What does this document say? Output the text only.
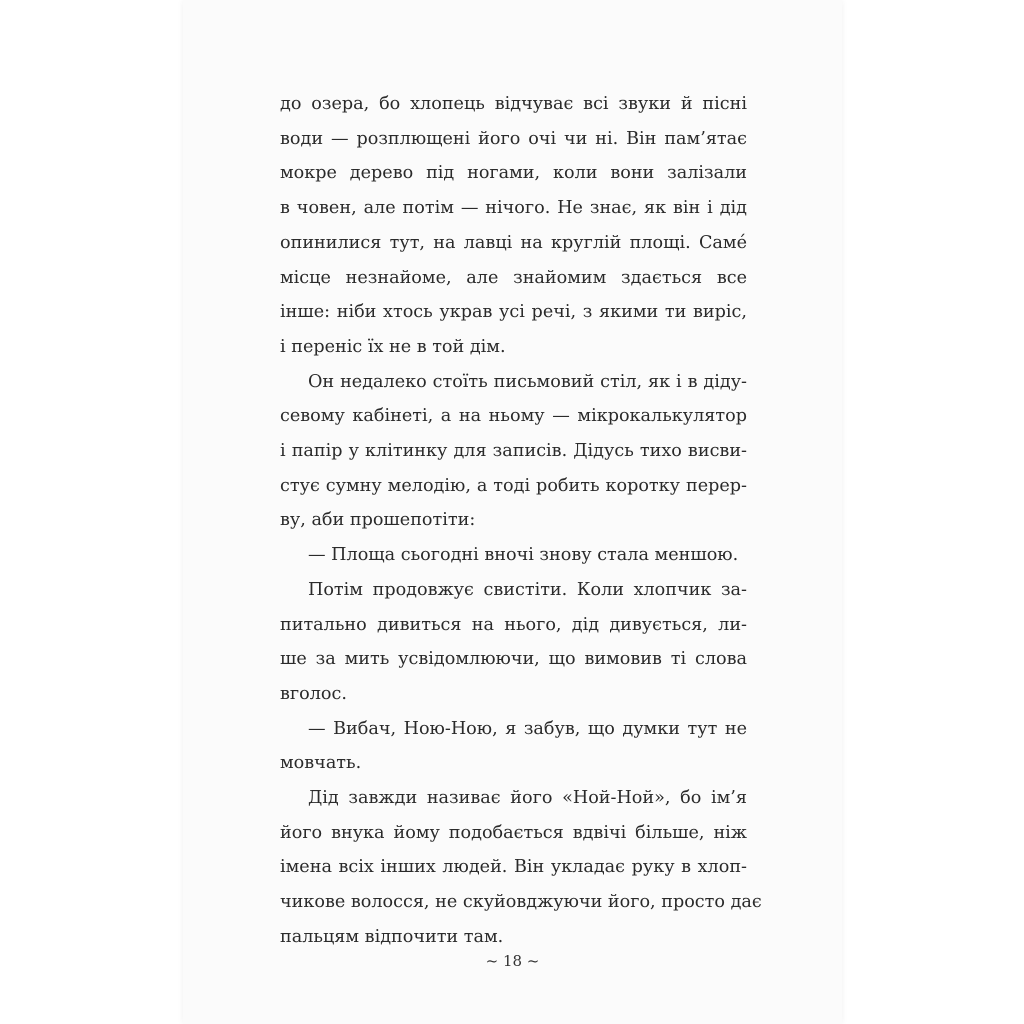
до озера, бо хлопець відчуває всі звуки й пісні
води — розплющені його очі чи ні. Він пам’ятає
мокре дерево під ногами, коли вони залізали
в човен, але потім — нічого. Не знає, як він і дід
опинилися тут, на лавці на круглій площі. Самé
місце незнайоме, але знайомим здається все
інше: ніби хтось украв усі речі, з якими ти виріс,
і переніс їх не в той дім.
Он недалеко стоїть письмовий стіл, як і в діду-
севому кабінеті, а на ньому — мікрокалькулятор
і папір у клітинку для записів. Дідусь тихо висви-
стує сумну мелодію, а тоді робить коротку перер-
ву, аби прошепотіти:
— Площа сьогодні вночі знову стала меншою.
Потім продовжує свистіти. Коли хлопчик за-
питально дивиться на нього, дід дивується, ли-
ше за мить усвідомлюючи, що вимовив ті слова
вголос.
— Вибач, Ною-Ною, я забув, що думки тут не
мовчать.
Дід завжди називає його «Ной-Ной», бо ім’я
його внука йому подобається вдвічі більше, ніж
імена всіх інших людей. Він укладає руку в хлоп-
чикове волосся, не скуйовджуючи його, просто дає
пальцям відпочити там.
~ 18 ~
